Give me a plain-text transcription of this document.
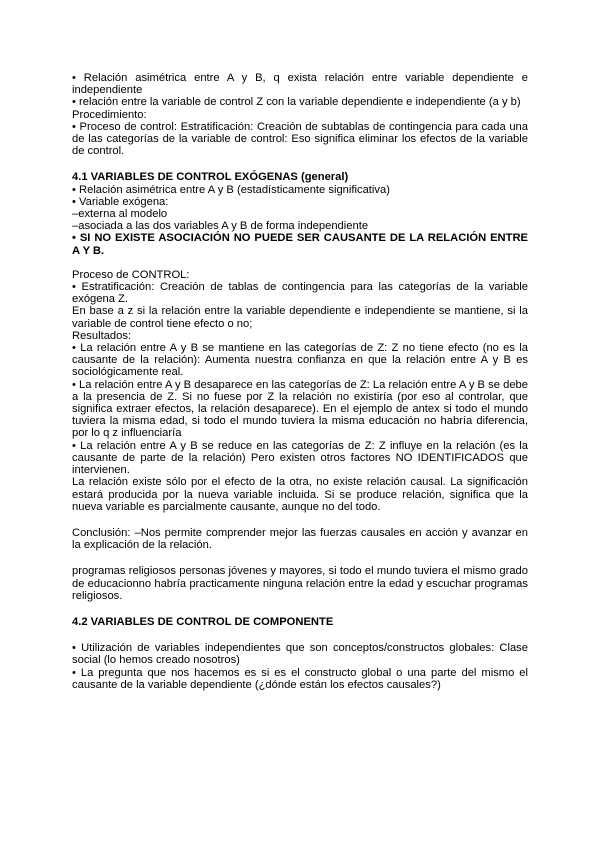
• Relación asimétrica entre A y B, q exista relación entre variable dependiente e independiente

• relación entre la variable de control Z con la variable dependiente e independiente (a y b)

Procedimiento:

• Proceso de control: Estratificación: Creación de subtablas de contingencia para cada una de las categorías de la variable de control: Eso significa eliminar los efectos de la variable de control.

4.1 VARIABLES DE CONTROL EXÓGENAS (general)

• Relación asimétrica entre A y B (estadísticamente significativa)

• Variable exógena:

–externa al modelo

–asociada a las dos variables A y B de forma independiente

• SI NO EXISTE ASOCIACIÓN NO PUEDE SER CAUSANTE DE LA RELACIÓN ENTRE A Y B.

Proceso de CONTROL:

• Estratificación: Creación de tablas de contingencia para las categorías de la variable exógena Z.

En base a z si la relación entre la variable dependiente e independiente se mantiene, si la variable de control tiene efecto o no;

Resultados:

• La relación entre A y B se mantiene en las categorías de Z: Z no tiene efecto (no es la causante de la relación): Aumenta nuestra confianza en que la relación entre A y B es sociológicamente real.

• La relación entre A y B desaparece en las categorías de Z: La relación entre A y B se debe a la presencia de Z. Si no fuese por Z la relación no existiría (por eso al controlar, que significa extraer efectos, la relación desaparece). En el ejemplo de antex si todo el mundo tuviera la misma edad, si todo el mundo tuviera la misma educación no habría diferencia, por lo q z influenciaría

• La relación entre A y B se reduce en las categorías de Z: Z influye en la relación (es la causante de parte de la relación) Pero existen otros factores NO IDENTIFICADOS que intervienen.

La relación existe sólo por el efecto de la otra, no existe relación causal. La significación estará producida por la nueva variable incluida. Si se produce relación, significa que la nueva variable es parcialmente causante, aunque no del todo.

Conclusión: –Nos permite comprender mejor las fuerzas causales en acción y avanzar en la explicación de la relación.

programas religiosos personas jóvenes y mayores, si todo el mundo tuviera el mismo grado de educacionno habría practicamente ninguna relación entre la edad y escuchar programas religiosos.

4.2 VARIABLES DE CONTROL DE COMPONENTE

• Utilización de variables independientes que son conceptos/constructos globales: Clase social (lo hemos creado nosotros)

• La pregunta que nos hacemos es si es el constructo global o una parte del mismo el causante de la variable dependiente (¿dónde están los efectos causales?)
